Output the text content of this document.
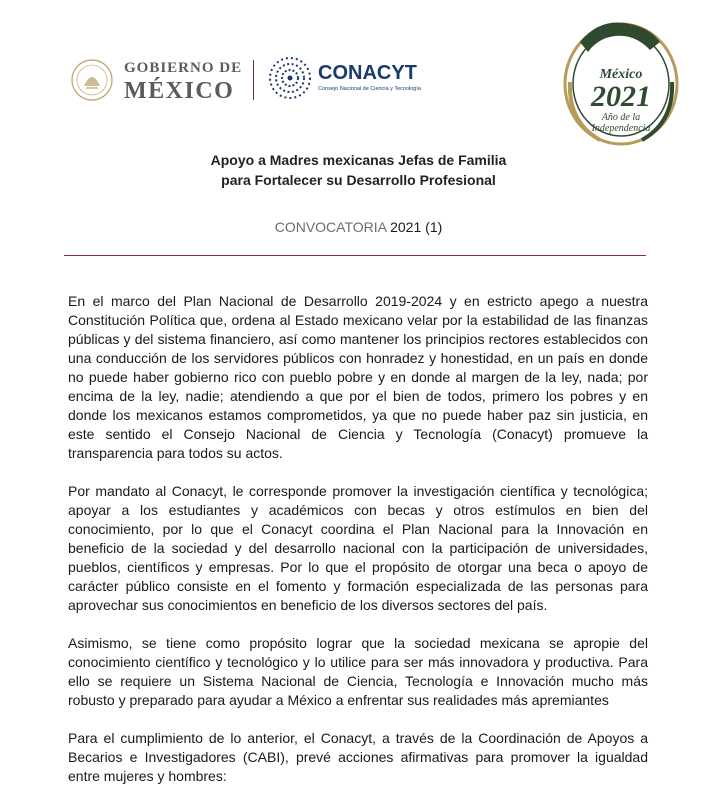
GOBIERNO DE
MÉXICO
CONACYT
Consejo Nacional de Ciencia y Tecnología
México
2021
Año de la
Independencia
Apoyo a Madres mexicanas Jefas de Familia
para Fortalecer su Desarrollo Profesional
CONVOCATORIA 2021 (1)

En el marco del Plan Nacional de Desarrollo 2019-2024 y en estricto apego a nuestra Constitución Política que, ordena al Estado mexicano velar por la estabilidad de las finanzas públicas y del sistema financiero, así como mantener los principios rectores establecidos con una conducción de los servidores públicos con honradez y honestidad, en un país en donde no puede haber gobierno rico con pueblo pobre y en donde al margen de la ley, nada; por encima de la ley, nadie; atendiendo a que por el bien de todos, primero los pobres y en donde los mexicanos estamos comprometidos, ya que no puede haber paz sin justicia, en este sentido el Consejo Nacional de Ciencia y Tecnología (Conacyt) promueve la transparencia para todos su actos.

Por mandato al Conacyt, le corresponde promover la investigación científica y tecnológica; apoyar a los estudiantes y académicos con becas y otros estímulos en bien del conocimiento, por lo que el Conacyt coordina el Plan Nacional para la Innovación en beneficio de la sociedad y del desarrollo nacional con la participación de universidades, pueblos, científicos y empresas. Por lo que el propósito de otorgar una beca o apoyo de carácter público consiste en el fomento y formación especializada de las personas para aprovechar sus conocimientos en beneficio de los diversos sectores del país.

Asimismo, se tiene como propósito lograr que la sociedad mexicana se apropie del conocimiento científico y tecnológico y lo utilice para ser más innovadora y productiva. Para ello se requiere un Sistema Nacional de Ciencia, Tecnología e Innovación mucho más robusto y preparado para ayudar a México a enfrentar sus realidades más apremiantes

Para el cumplimiento de lo anterior, el Conacyt, a través de la Coordinación de Apoyos a Becarios e Investigadores (CABI), prevé acciones afirmativas para promover la igualdad entre mujeres y hombres:
